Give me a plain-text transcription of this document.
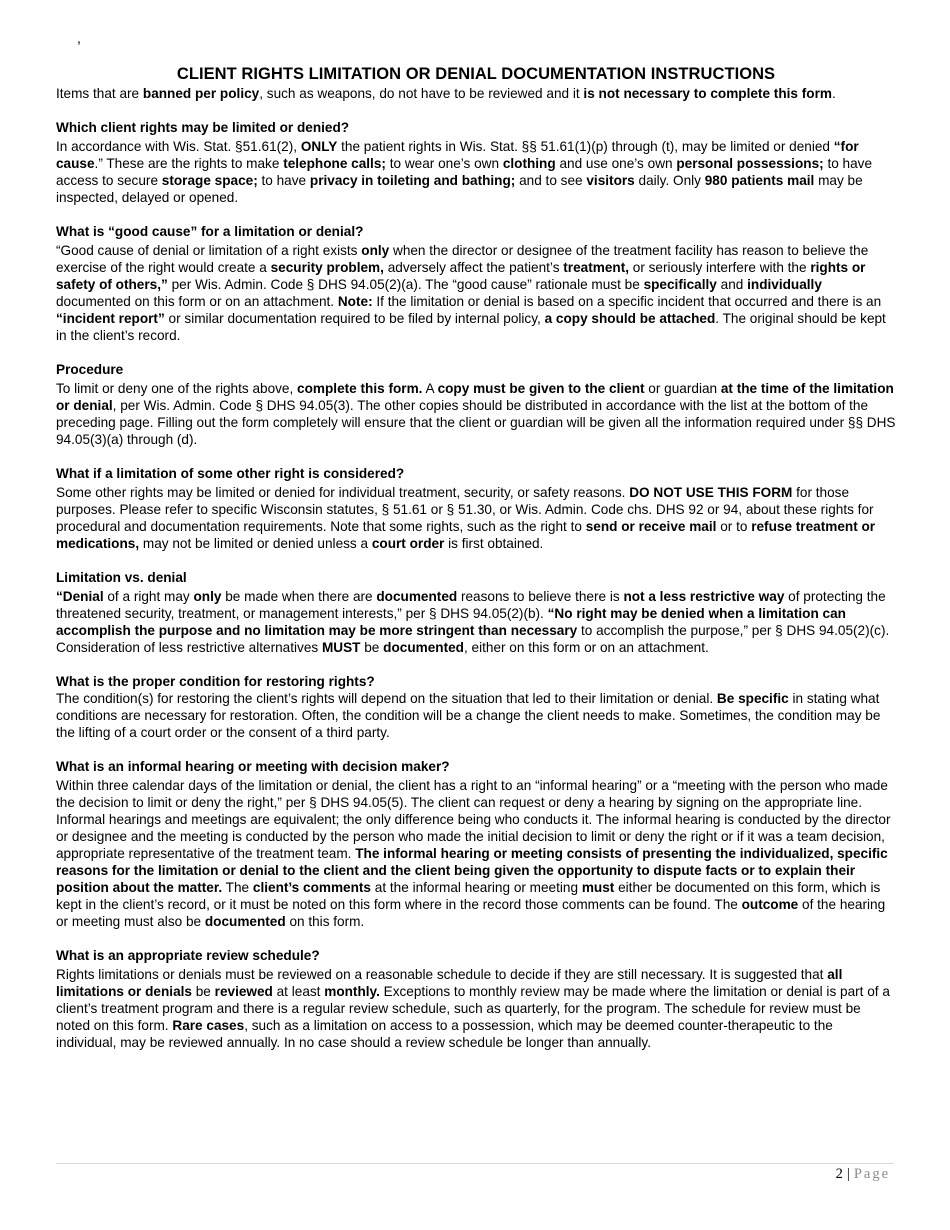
,
CLIENT RIGHTS LIMITATION OR DENIAL DOCUMENTATION INSTRUCTIONS

Items that are banned per policy, such as weapons, do not have to be reviewed and it is not necessary to complete this form.

Which client rights may be limited or denied?

In accordance with Wis. Stat. §51.61(2), ONLY the patient rights in Wis. Stat. §§ 51.61(1)(p) through (t), may be limited or denied “for cause.” These are the rights to make telephone calls; to wear one’s own clothing and use one’s own personal possessions; to have access to secure storage space; to have privacy in toileting and bathing; and to see visitors daily. Only 980 patients mail may be inspected, delayed or opened.

What is “good cause” for a limitation or denial?

“Good cause of denial or limitation of a right exists only when the director or designee of the treatment facility has reason to believe the exercise of the right would create a security problem, adversely affect the patient’s treatment, or seriously interfere with the rights or safety of others,” per Wis. Admin. Code § DHS 94.05(2)(a). The “good cause” rationale must be specifically and individually documented on this form or on an attachment. Note: If the limitation or denial is based on a specific incident that occurred and there is an “incident report” or similar documentation required to be filed by internal policy, a copy should be attached. The original should be kept in the client’s record.

Procedure

To limit or deny one of the rights above, complete this form. A copy must be given to the client or guardian at the time of the limitation or denial, per Wis. Admin. Code § DHS 94.05(3). The other copies should be distributed in accordance with the list at the bottom of the preceding page. Filling out the form completely will ensure that the client or guardian will be given all the information required under §§ DHS 94.05(3)(a) through (d).

What if a limitation of some other right is considered?

Some other rights may be limited or denied for individual treatment, security, or safety reasons. DO NOT USE THIS FORM for those purposes. Please refer to specific Wisconsin statutes, § 51.61 or § 51.30, or Wis. Admin. Code chs. DHS 92 or 94, about these rights for procedural and documentation requirements. Note that some rights, such as the right to send or receive mail or to refuse treatment or medications, may not be limited or denied unless a court order is first obtained.

Limitation vs. denial

“Denial of a right may only be made when there are documented reasons to believe there is not a less restrictive way of protecting the threatened security, treatment, or management interests,” per § DHS 94.05(2)(b). “No right may be denied when a limitation can accomplish the purpose and no limitation may be more stringent than necessary to accomplish the purpose,” per § DHS 94.05(2)(c). Consideration of less restrictive alternatives MUST be documented, either on this form or on an attachment.

What is the proper condition for restoring rights?

The condition(s) for restoring the client’s rights will depend on the situation that led to their limitation or denial. Be specific in stating what conditions are necessary for restoration. Often, the condition will be a change the client needs to make. Sometimes, the condition may be the lifting of a court order or the consent of a third party.

What is an informal hearing or meeting with decision maker?

Within three calendar days of the limitation or denial, the client has a right to an “informal hearing” or a “meeting with the person who made the decision to limit or deny the right,” per § DHS 94.05(5). The client can request or deny a hearing by signing on the appropriate line. Informal hearings and meetings are equivalent; the only difference being who conducts it. The informal hearing is conducted by the director or designee and the meeting is conducted by the person who made the initial decision to limit or deny the right or if it was a team decision, appropriate representative of the treatment team. The informal hearing or meeting consists of presenting the individualized, specific reasons for the limitation or denial to the client and the client being given the opportunity to dispute facts or to explain their position about the matter. The client’s comments at the informal hearing or meeting must either be documented on this form, which is kept in the client’s record, or it must be noted on this form where in the record those comments can be found. The outcome of the hearing or meeting must also be documented on this form.

What is an appropriate review schedule?

Rights limitations or denials must be reviewed on a reasonable schedule to decide if they are still necessary. It is suggested that all limitations or denials be reviewed at least monthly. Exceptions to monthly review may be made where the limitation or denial is part of a client’s treatment program and there is a regular review schedule, such as quarterly, for the program. The schedule for review must be noted on this form. Rare cases, such as a limitation on access to a possession, which may be deemed counter-therapeutic to the individual, may be reviewed annually. In no case should a review schedule be longer than annually.

2 | Page
